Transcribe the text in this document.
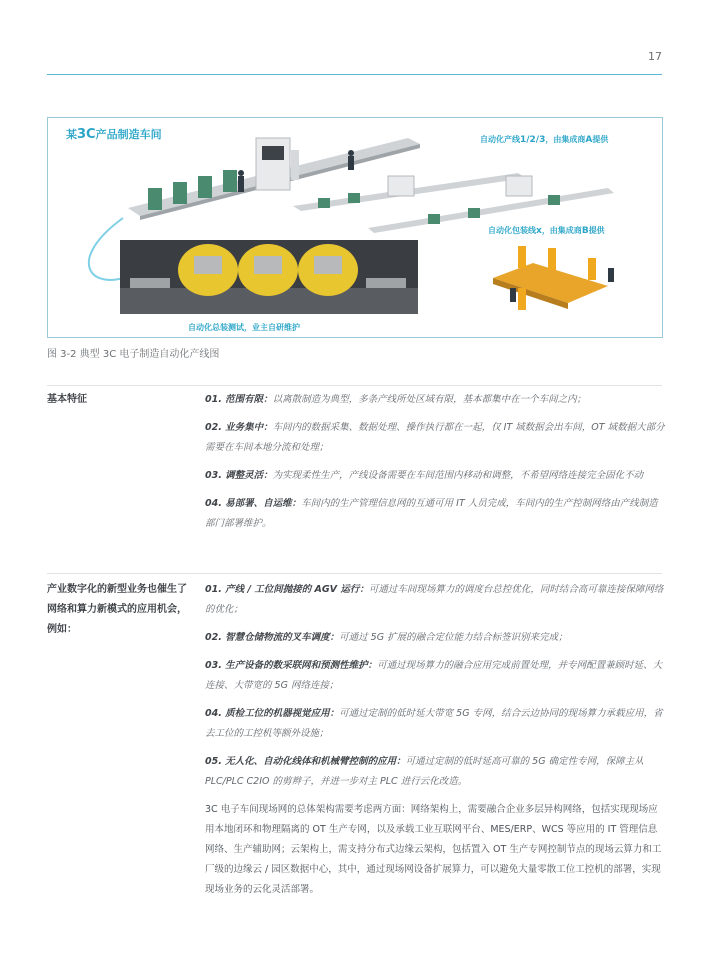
17
某3C产品制造车间	自动化产线1/2/3，由集成商A提供
自动化包装线x，由集成商B提供
自动化总装测试，业主自研维护
图 3-2 典型 3C 电子制造自动化产线图
基本特征	01. 范围有限：以离散制造为典型，多条产线所处区域有限，基本都集中在一个车间之内；
02. 业务集中：车间内的数据采集、数据处理、操作执行都在一起，仅 IT 域数据会出车间，OT 域数据大部分需要在车间本地分流和处理；
03. 调整灵活：为实现柔性生产，产线设备需要在车间范围内移动和调整，不希望网络连接完全固化不动
04. 易部署、自运维：车间内的生产管理信息网的互通可用 IT 人员完成，车间内的生产控制网络由产线制造部门部署维护。
产业数字化的新型业务也催生了网络和算力新模式的应用机会，例如：
01. 产线 / 工位间抛接的 AGV 运行：可通过车间现场算力的调度台总控优化，同时结合高可靠连接保障网络的优化；
02. 智慧仓储物流的叉车调度：可通过 5G 扩展的融合定位能力结合标签识别来完成；
03. 生产设备的数采联网和预测性维护：可通过现场算力的融合应用完成前置处理，并专网配置兼顾时延、大连接、大带宽的 5G 网络连接；
04. 质检工位的机器视觉应用：可通过定制的低时延大带宽 5G 专网，结合云边协同的现场算力承载应用，省去工位的工控机等额外设施；
05. 无人化、自动化线体和机械臂控制的应用：可通过定制的低时延高可靠的 5G 确定性专网，保障主从 PLC/PLC C2IO 的剪辫子，并进一步对主 PLC 进行云化改造。
3C 电子车间现场网的总体架构需要考虑两方面：网络架构上，需要融合企业多层异构网络，包括实现现场应用本地闭环和物理隔离的 OT 生产专网，以及承载工业互联网平台、MES/ERP、WCS 等应用的 IT 管理信息网络、生产辅助网；云架构上，需支持分布式边缘云架构，包括置入 OT 生产专网控制节点的现场云算力和工厂级的边缘云 / 园区数据中心，其中，通过现场网设备扩展算力，可以避免大量零散工位工控机的部署，实现现场业务的云化灵活部署。
